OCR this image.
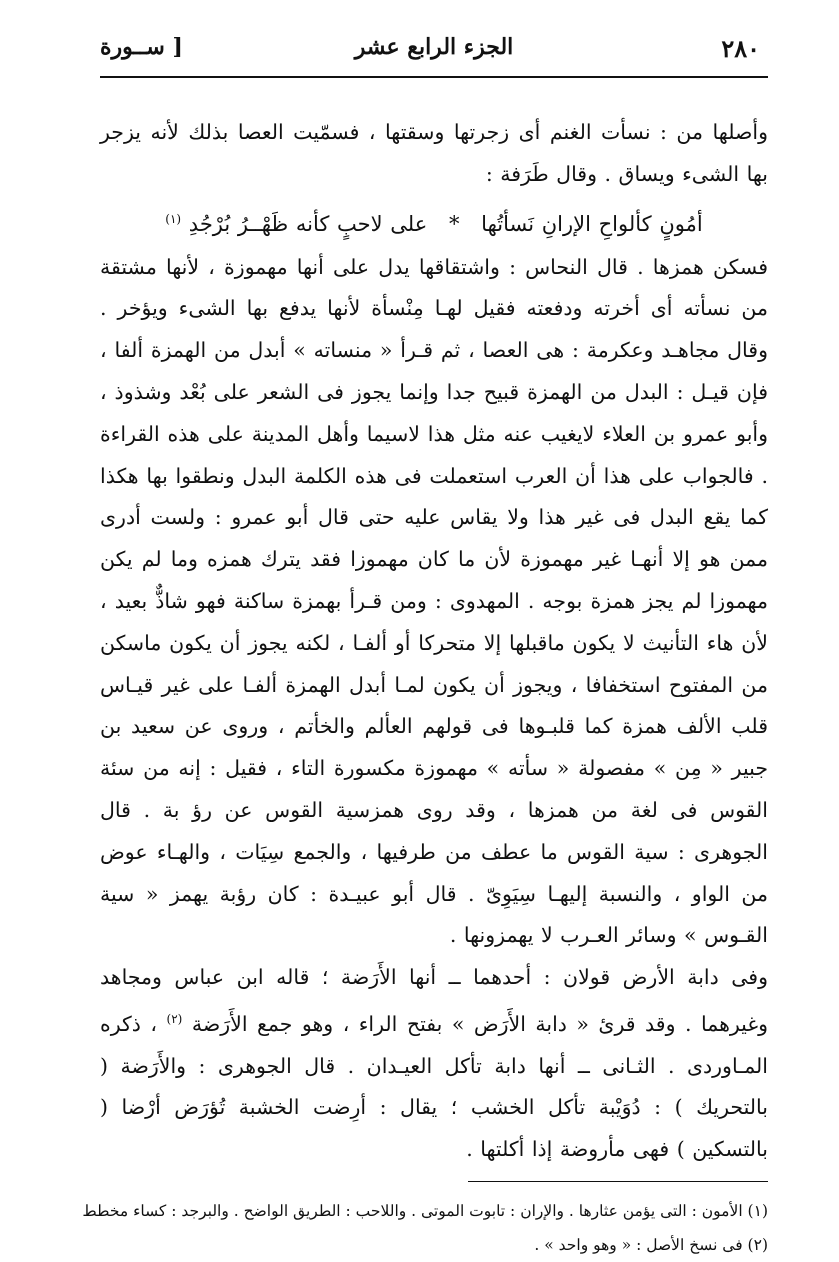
٢٨٠
الجزء الرابع عشر
[ ســورة

وأصلها من : نسأت الغنم أى زجرتها وسقتها ، فسمّيت العصا بذلك لأنه يزجر بها الشىء ويساق . وقال طَرَفة :

أمُونٍ كألواحِ الإرانِ نَسأتُها * على لاحبٍ كأنه ظَهْــرُ بُرْجُدِ $^{(١)}$

فسكن همزها . قال النحاس : واشتقاقها يدل على أنها مهموزة ، لأنها مشتقة من نسأته أى أخرته ودفعته فقيل لهـا مِنْسأة لأنها يدفع بها الشىء ويؤخر . وقال مجاهـد وعكرمة : هى العصا ، ثم قـرأ « منساته » أبدل من الهمزة ألفا ، فإن قيـل : البدل من الهمزة قبيح جدا وإنما يجوز فى الشعر على بُعْد وشذوذ ، وأبو عمرو بن العلاء لايغيب عنه مثل هذا لاسيما وأهل المدينة على هذه القراءة . فالجواب على هذا أن العرب استعملت فى هذه الكلمة البدل ونطقوا بها هكذا كما يقع البدل فى غير هذا ولا يقاس عليه حتى قال أبو عمرو : ولست أدرى ممن هو إلا أنهـا غير مهموزة لأن ما كان مهموزا فقد يترك همزه وما لم يكن مهموزا لم يجز همزة بوجه . المهدوى : ومن قـرأ بهمزة ساكنة فهو شاذٌّ بعيد ، لأن هاء التأنيث لا يكون ماقبلها إلا متحركا أو ألفـا ، لكنه يجوز أن يكون ماسكن من المفتوح استخفافا ، ويجوز أن يكون لمـا أبدل الهمزة ألفـا على غير قيـاس قلب الألف همزة كما قلبـوها فى قولهم العألم والخأتم ، وروى عن سعيد بن جبير « مِن » مفصولة « سأته » مهموزة مكسورة التاء ، فقيل : إنه من سئة القوس فى لغة من همزها ، وقد روى همزسية القوس عن رؤ بة . قال الجوهرى : سية القوس ما عطف من طرفيها ، والجمع سِيَات ، والهـاء عوض من الواو ، والنسبة إليهـا سِيَوِىّ . قال أبو عبيـدة : كان رؤبة يهمز « سية القـوس » وسائر العـرب لا يهمزونها .

وفى دابة الأرض قولان : أحدهما ــ أنها الأَرَضة ؛ قاله ابن عباس ومجاهد وغيرهما . وقد قرئ « دابة الأَرَض » بفتح الراء ، وهو جمع الأَرَضة $^{(٢)}$ ، ذكره المـاوردى . الثـانى ــ أنها دابة تأكل العيـدان . قال الجوهرى : والأَرَضة ( بالتحريك ) : دُوَيْبة تأكل الخشب ؛ يقال : أرِضت الخشبة تُؤرَض أرْضا ( بالتسكين ) فهى مأروضة إذا أكلتها .

(١) الأمون : التى يؤمن عثارها . والإران : تابوت الموتى . واللاحب : الطريق الواضح . والبرجد : كساء مخطط

(٢) فى نسخ الأصل : « وهو واحد » .
